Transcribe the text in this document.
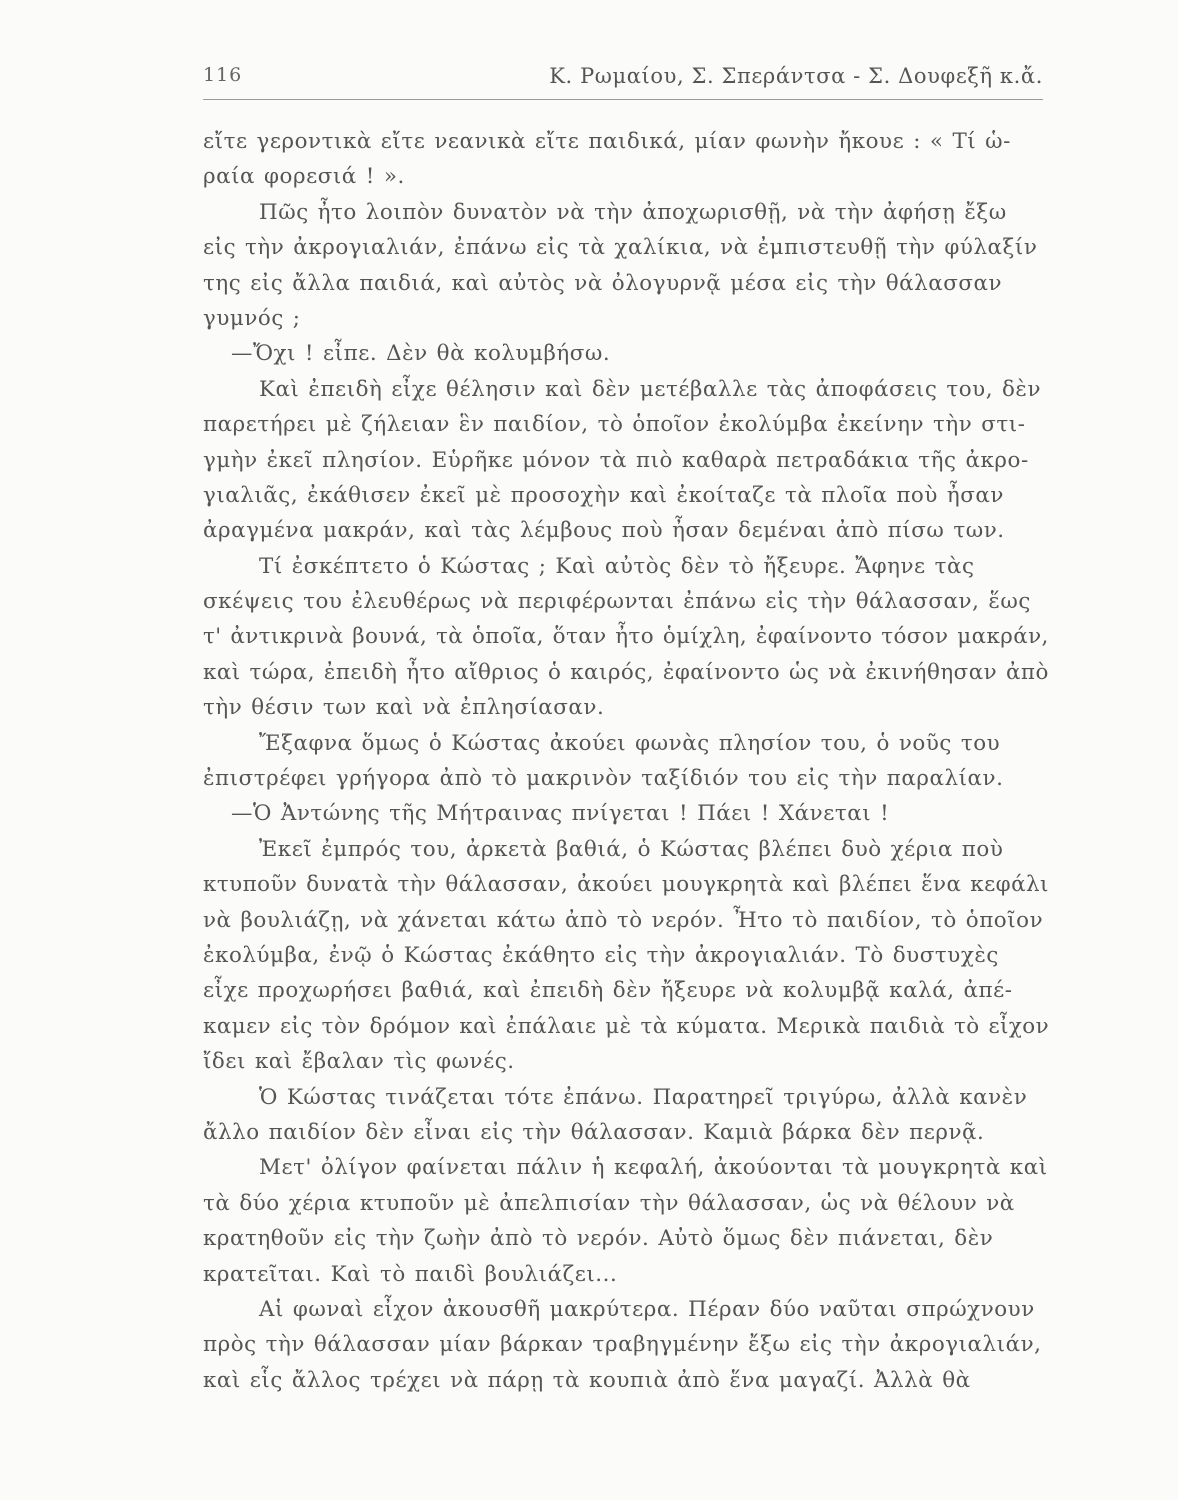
116	Κ. Ρωμαίου, Σ. Σπεράντσα - Σ. Δουφεξῆ κ.ἄ.
εἴτε γεροντικὰ εἴτε νεανικὰ εἴτε παιδικά, μίαν φωνὴν ἤκουε : « Τί ὡ-
ραία φορεσιά ! ».
Πῶς ἦτο λοιπὸν δυνατὸν νὰ τὴν ἀποχωρισθῇ, νὰ τὴν ἀφήσῃ ἔξω
εἰς τὴν ἀκρογιαλιάν, ἐπάνω εἰς τὰ χαλίκια, νὰ ἐμπιστευθῇ τὴν φύλαξίν
της εἰς ἄλλα παιδιά, καὶ αὐτὸς νὰ ὀλογυρνᾷ μέσα εἰς τὴν θάλασσαν
γυμνός ;
—Ὄχι ! εἶπε. Δὲν θὰ κολυμβήσω.
Καὶ ἐπειδὴ εἶχε θέλησιν καὶ δὲν μετέβαλλε τὰς ἀποφάσεις του, δὲν
παρετήρει μὲ ζήλειαν ἓν παιδίον, τὸ ὁποῖον ἐκολύμβα ἐκείνην τὴν στι-
γμὴν ἐκεῖ πλησίον. Εὑρῆκε μόνον τὰ πιὸ καθαρὰ πετραδάκια τῆς ἀκρο-
γιαλιᾶς, ἐκάθισεν ἐκεῖ μὲ προσοχὴν καὶ ἐκοίταζε τὰ πλοῖα ποὺ ἦσαν
ἀραγμένα μακράν, καὶ τὰς λέμβους ποὺ ἦσαν δεμέναι ἀπὸ πίσω των.
Τί ἐσκέπτετο ὁ Κώστας ; Καὶ αὐτὸς δὲν τὸ ἤξευρε. Ἄφηνε τὰς
σκέψεις του ἐλευθέρως νὰ περιφέρωνται ἐπάνω εἰς τὴν θάλασσαν, ἕως
τ' ἀντικρινὰ βουνά, τὰ ὁποῖα, ὅταν ἦτο ὁμίχλη, ἐφαίνοντο τόσον μακράν,
καὶ τώρα, ἐπειδὴ ἦτο αἴθριος ὁ καιρός, ἐφαίνοντο ὡς νὰ ἐκινήθησαν ἀπὸ
τὴν θέσιν των καὶ νὰ ἐπλησίασαν.
Ἔξαφνα ὅμως ὁ Κώστας ἀκούει φωνὰς πλησίον του, ὁ νοῦς του
ἐπιστρέφει γρήγορα ἀπὸ τὸ μακρινὸν ταξίδιόν του εἰς τὴν παραλίαν.
—Ὁ Ἀντώνης τῆς Μήτραινας πνίγεται ! Πάει ! Χάνεται !
Ἐκεῖ ἐμπρός του, ἀρκετὰ βαθιά, ὁ Κώστας βλέπει δυὸ χέρια ποὺ
κτυποῦν δυνατὰ τὴν θάλασσαν, ἀκούει μουγκρητὰ καὶ βλέπει ἕνα κεφάλι
νὰ βουλιάζῃ, νὰ χάνεται κάτω ἀπὸ τὸ νερόν. Ἦτο τὸ παιδίον, τὸ ὁποῖον
ἐκολύμβα, ἐνῷ ὁ Κώστας ἐκάθητο εἰς τὴν ἀκρογιαλιάν. Τὸ δυστυχὲς
εἶχε προχωρήσει βαθιά, καὶ ἐπειδὴ δὲν ἤξευρε νὰ κολυμβᾷ καλά, ἀπέ-
καμεν εἰς τὸν δρόμον καὶ ἐπάλαιε μὲ τὰ κύματα. Μερικὰ παιδιὰ τὸ εἶχον
ἴδει καὶ ἔβαλαν τὶς φωνές.
Ὁ Κώστας τινάζεται τότε ἐπάνω. Παρατηρεῖ τριγύρω, ἀλλὰ κανὲν
ἄλλο παιδίον δὲν εἶναι εἰς τὴν θάλασσαν. Καμιὰ βάρκα δὲν περνᾷ.
Μετ' ὀλίγον φαίνεται πάλιν ἡ κεφαλή, ἀκούονται τὰ μουγκρητὰ καὶ
τὰ δύο χέρια κτυποῦν μὲ ἀπελπισίαν τὴν θάλασσαν, ὡς νὰ θέλουν νὰ
κρατηθοῦν εἰς τὴν ζωὴν ἀπὸ τὸ νερόν. Αὐτὸ ὅμως δὲν πιάνεται, δὲν
κρατεῖται. Καὶ τὸ παιδὶ βουλιάζει...
Αἱ φωναὶ εἶχον ἀκουσθῆ μακρύτερα. Πέραν δύο ναῦται σπρώχνουν
πρὸς τὴν θάλασσαν μίαν βάρκαν τραβηγμένην ἔξω εἰς τὴν ἀκρογιαλιάν,
καὶ εἷς ἄλλος τρέχει νὰ πάρῃ τὰ κουπιὰ ἀπὸ ἕνα μαγαζί. Ἀλλὰ θὰ
